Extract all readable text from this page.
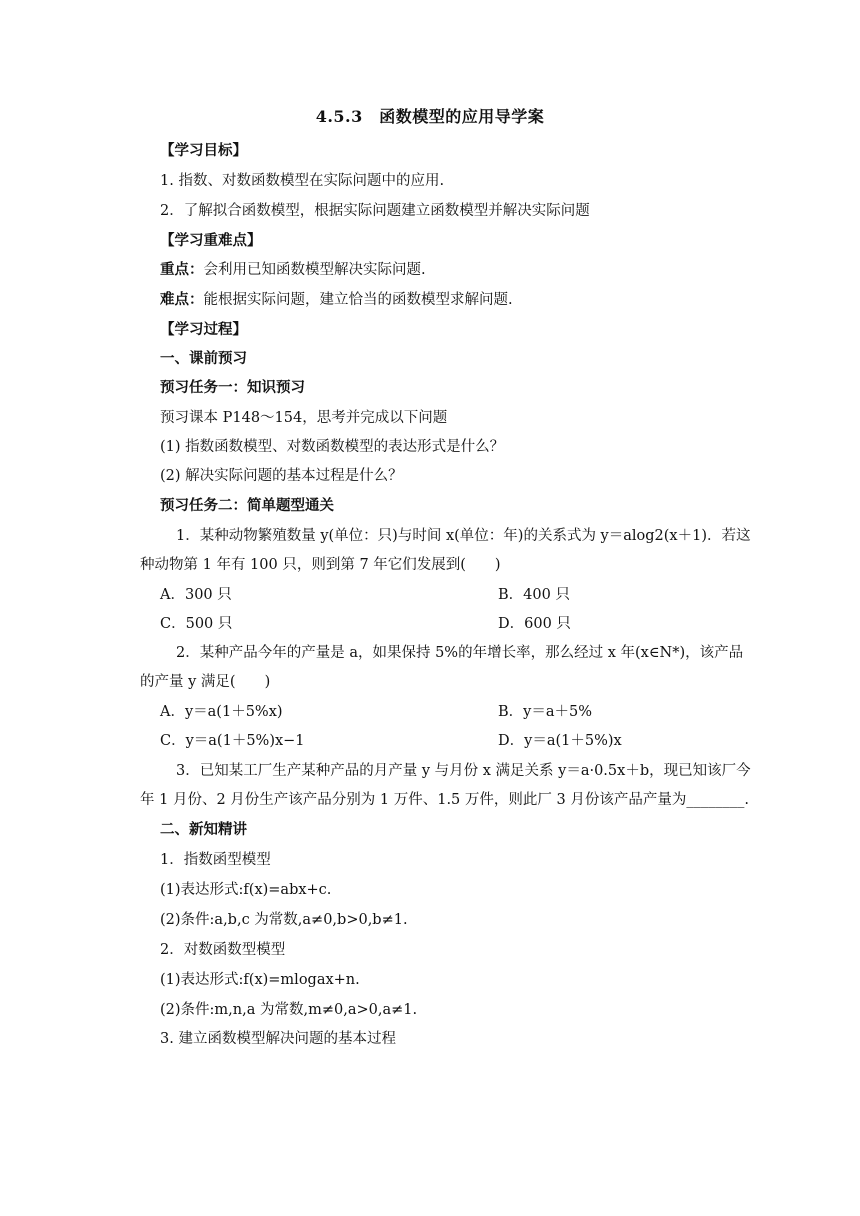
4.5.3　函数模型的应用导学案
【学习目标】
1. 指数、对数函数模型在实际问题中的应用.
2．了解拟合函数模型，根据实际问题建立函数模型并解决实际问题
【学习重难点】
重点：会利用已知函数模型解决实际问题.
难点：能根据实际问题，建立恰当的函数模型求解问题.
【学习过程】
一、课前预习
预习任务一：知识预习
预习课本 P148～154，思考并完成以下问题
(1) 指数函数模型、对数函数模型的表达形式是什么？
(2) 解决实际问题的基本过程是什么？
预习任务二：简单题型通关
1．某种动物繁殖数量 y(单位：只)与时间 x(单位：年)的关系式为 y＝alog2(x＋1)．若这
种动物第 1 年有 100 只，则到第 7 年它们发展到(　　)
A．300 只	B．400 只
C．500 只	D．600 只
2．某种产品今年的产量是 a，如果保持 5%的年增长率，那么经过 x 年(x∈N*)，该产品
的产量 y 满足(　　)
A．y＝a(1＋5%x)	B．y＝a＋5%
C．y＝a(1＋5%)x−1	D．y＝a(1＋5%)x
3．已知某工厂生产某种产品的月产量 y 与月份 x 满足关系 y＝a·0.5x＋b，现已知该厂今
年 1 月份、2 月份生产该产品分别为 1 万件、1.5 万件，则此厂 3 月份该产品产量为________.
二、新知精讲
1．指数函型模型
(1)表达形式:f(x)=abx+c.
(2)条件:a,b,c 为常数,a≠0,b>0,b≠1.
2．对数函数型模型
(1)表达形式:f(x)=mlogax+n.
(2)条件:m,n,a 为常数,m≠0,a>0,a≠1.
3. 建立函数模型解决问题的基本过程
